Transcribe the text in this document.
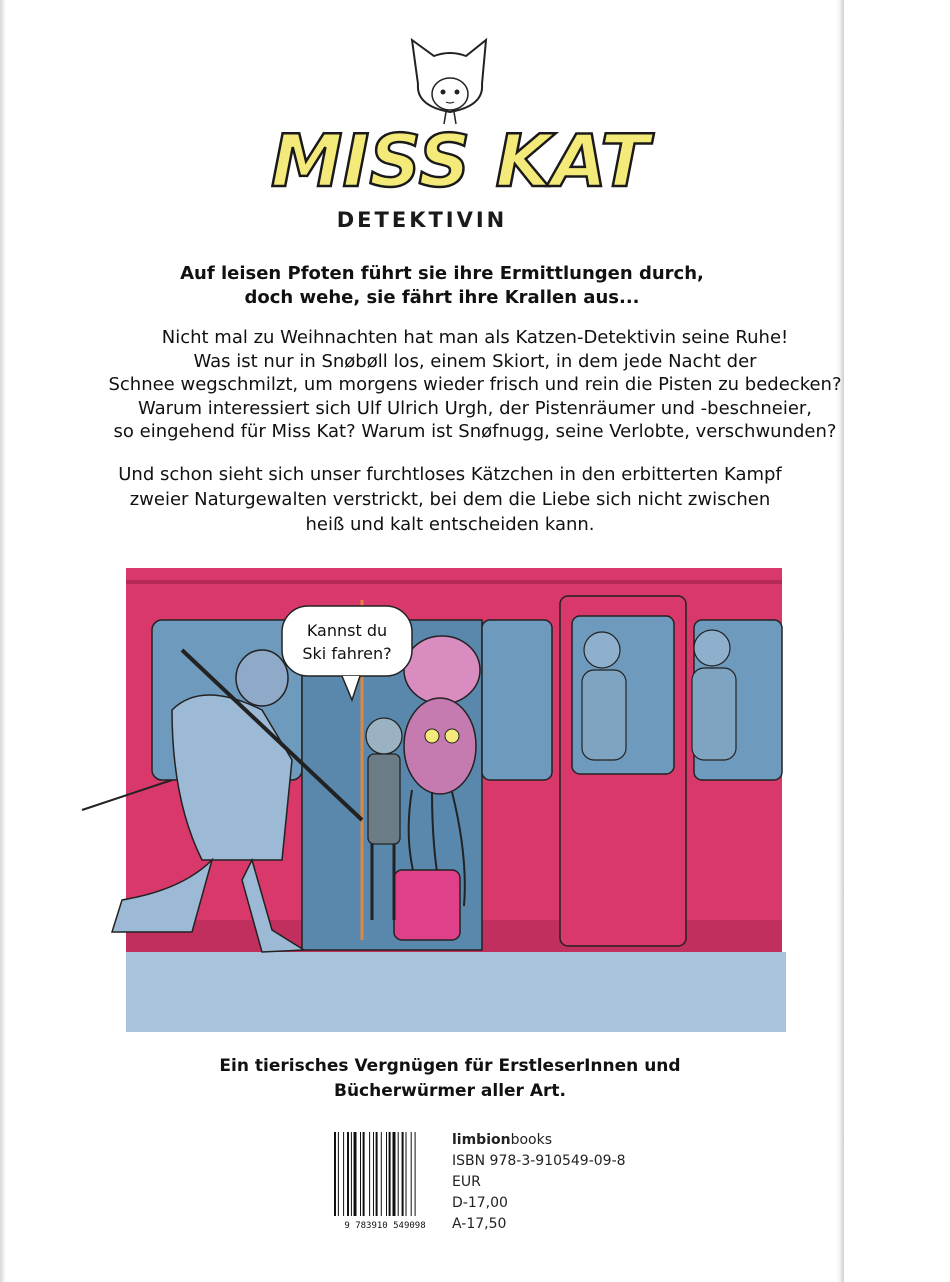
MISS KAT
DETEKTIVIN
Auf leisen Pfoten führt sie ihre Ermittlungen durch,
doch wehe, sie fährt ihre Krallen aus...
Nicht mal zu Weihnachten hat man als Katzen-Detektivin seine Ruhe!
Was ist nur in Snøbøll los, einem Skiort, in dem jede Nacht der
Schnee wegschmilzt, um morgens wieder frisch und rein die Pisten zu bedecken?
Warum interessiert sich Ulf Ulrich Urgh, der Pistenräumer und -beschneier,
so eingehend für Miss Kat? Warum ist Snøfnugg, seine Verlobte, verschwunden?
Und schon sieht sich unser furchtloses Kätzchen in den erbitterten Kampf
zweier Naturgewalten verstrickt, bei dem die Liebe sich nicht zwischen
heiß und kalt entscheiden kann.
Kannst du
Ski fahren?
Ein tierisches Vergnügen für ErstleserInnen und
Bücherwürmer aller Art.
9 783910 549098
limbionbooks
ISBN 978-3-910549-09-8
EUR
D-17,00
A-17,50
